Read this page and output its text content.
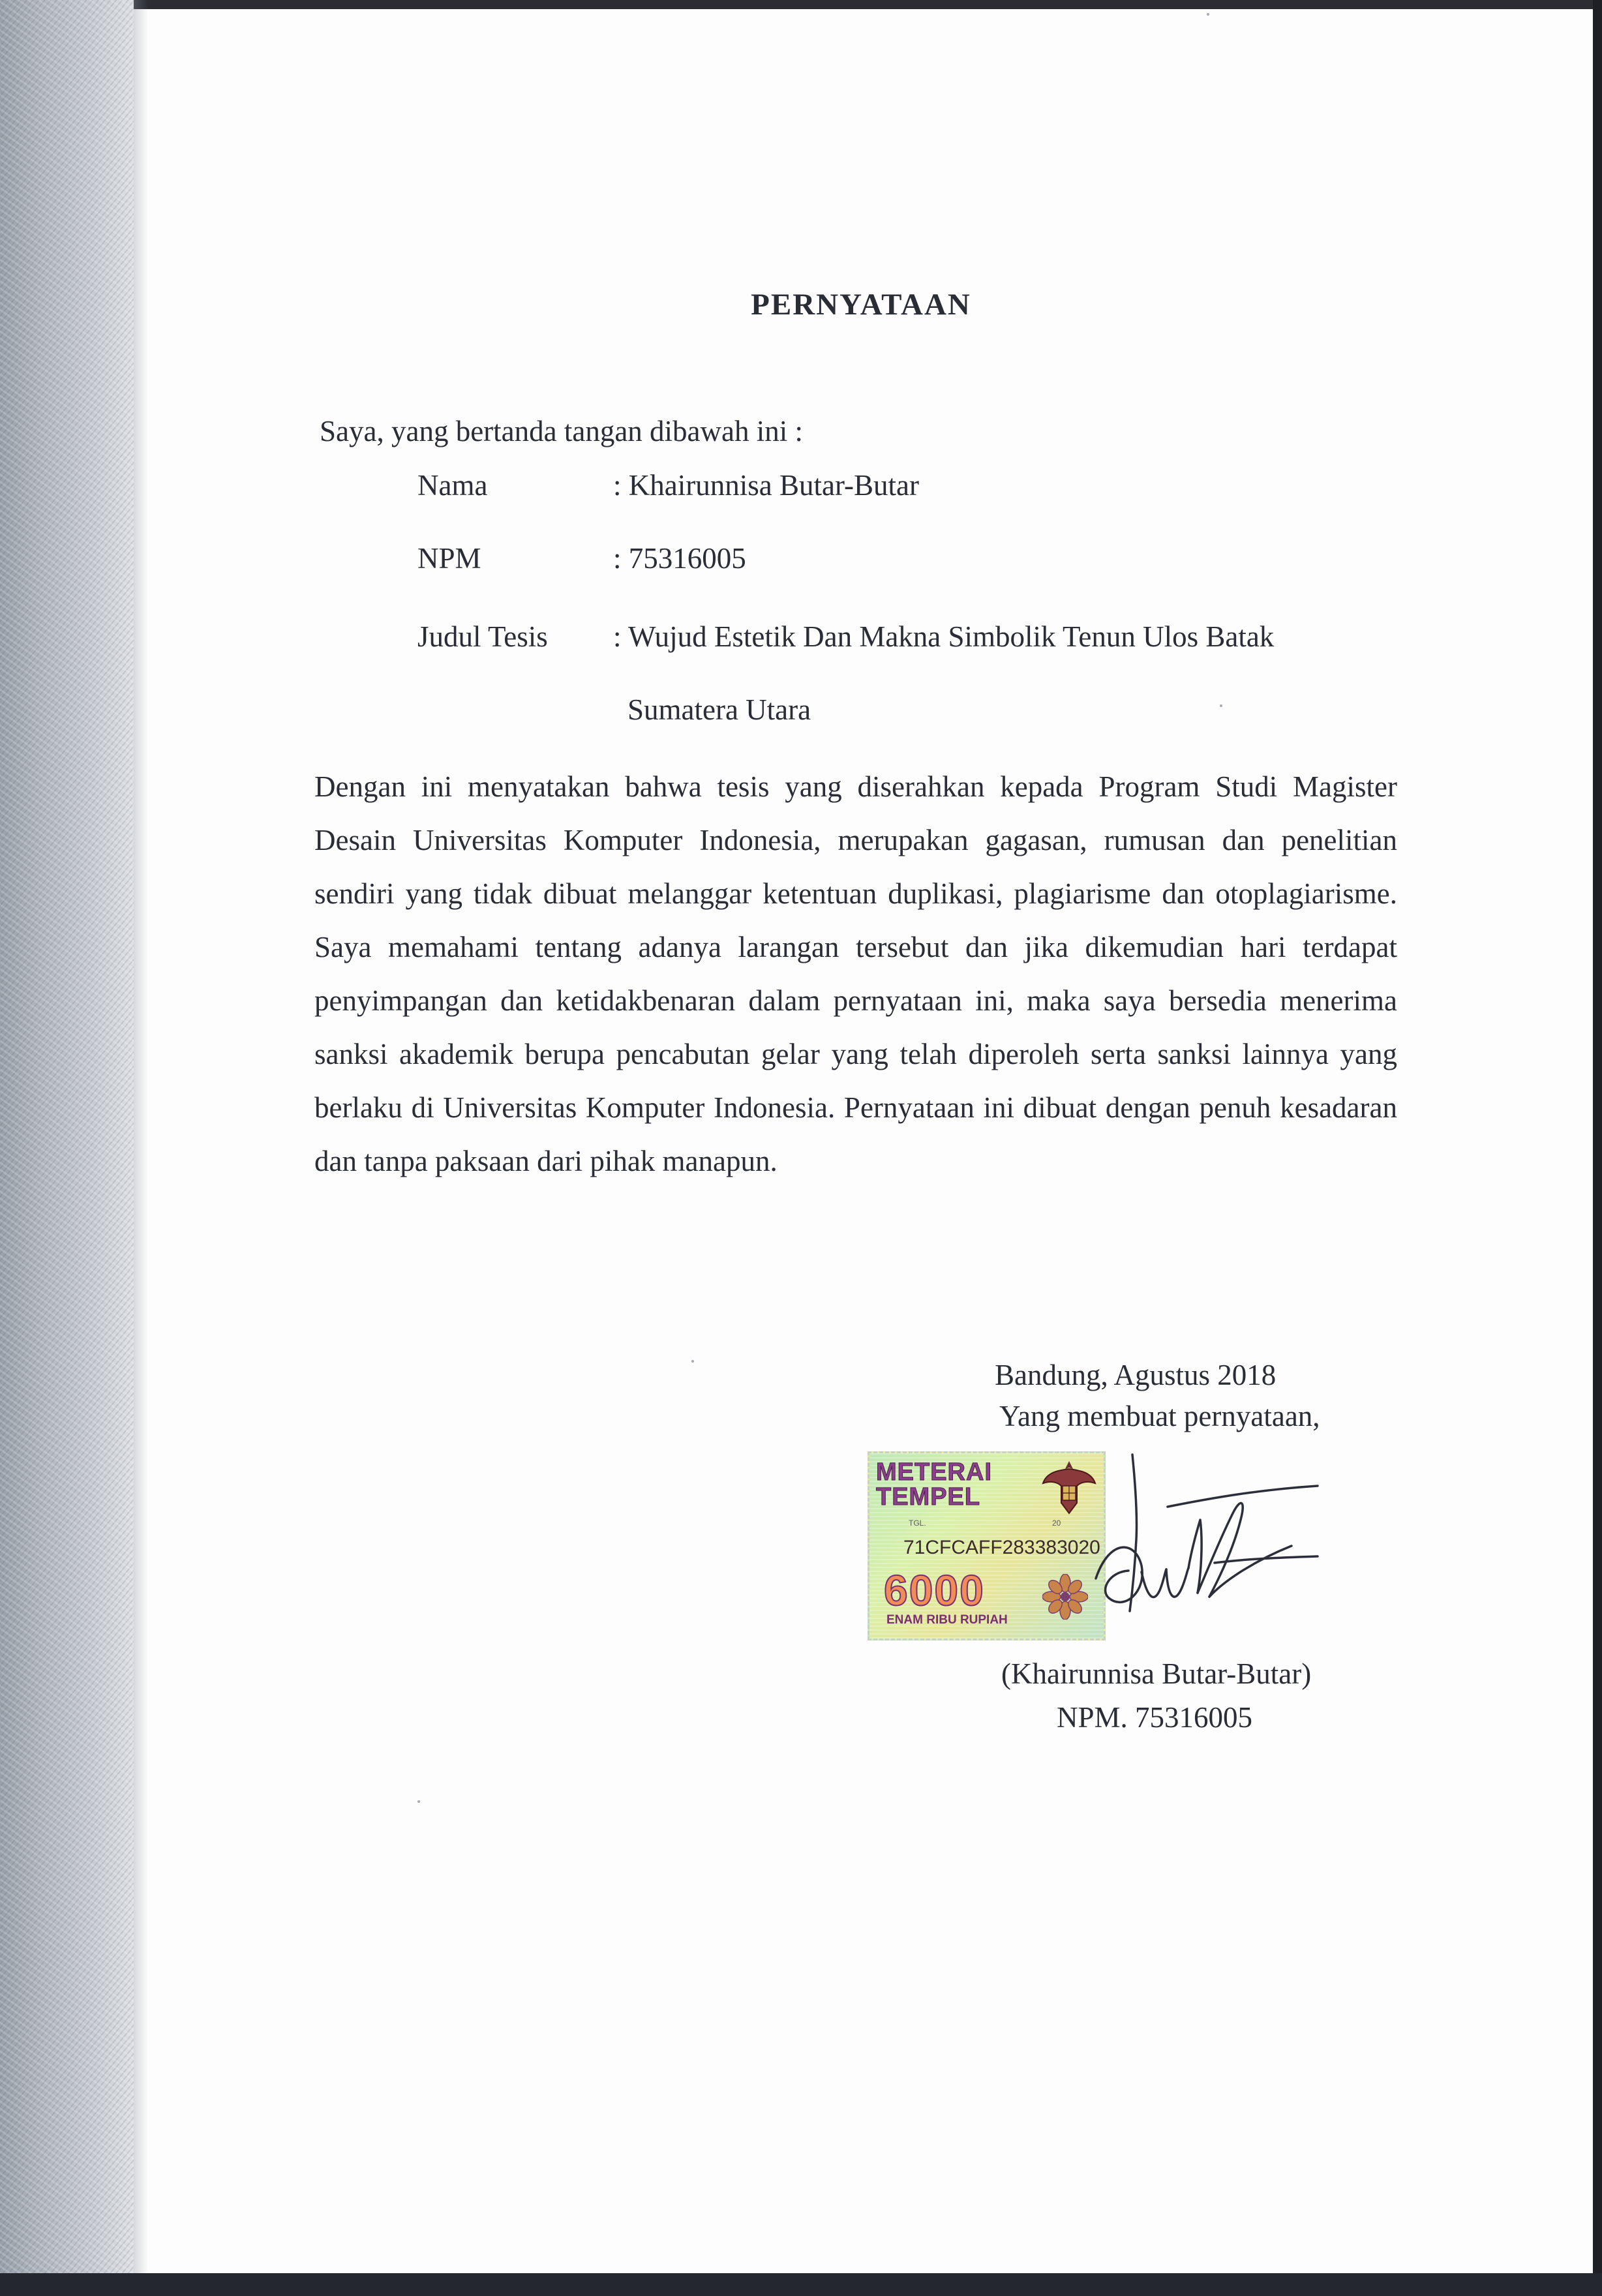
PERNYATAAN
Saya, yang bertanda tangan dibawah ini :
Nama	: Khairunnisa Butar-Butar
NPM	: 75316005
Judul Tesis : Wujud Estetik Dan Makna Simbolik Tenun Ulos Batak
Sumatera Utara
Dengan ini menyatakan bahwa tesis yang diserahkan kepada Program Studi Magister Desain Universitas Komputer Indonesia, merupakan gagasan, rumusan dan penelitian sendiri yang tidak dibuat melanggar ketentuan duplikasi, plagiarisme dan otoplagiarisme. Saya memahami tentang adanya larangan tersebut dan jika dikemudian hari terdapat penyimpangan dan ketidakbenaran dalam pernyataan ini, maka saya bersedia menerima sanksi akademik berupa pencabutan gelar yang telah diperoleh serta sanksi lainnya yang berlaku di Universitas Komputer Indonesia. Pernyataan ini dibuat dengan penuh kesadaran dan tanpa paksaan dari pihak manapun.
Bandung, Agustus 2018
Yang membuat pernyataan,
METERAI
TEMPEL
TGL.	20
71CFCAFF283383020
6000
ENAM RIBU RUPIAH
(Khairunnisa Butar-Butar)
NPM. 75316005
